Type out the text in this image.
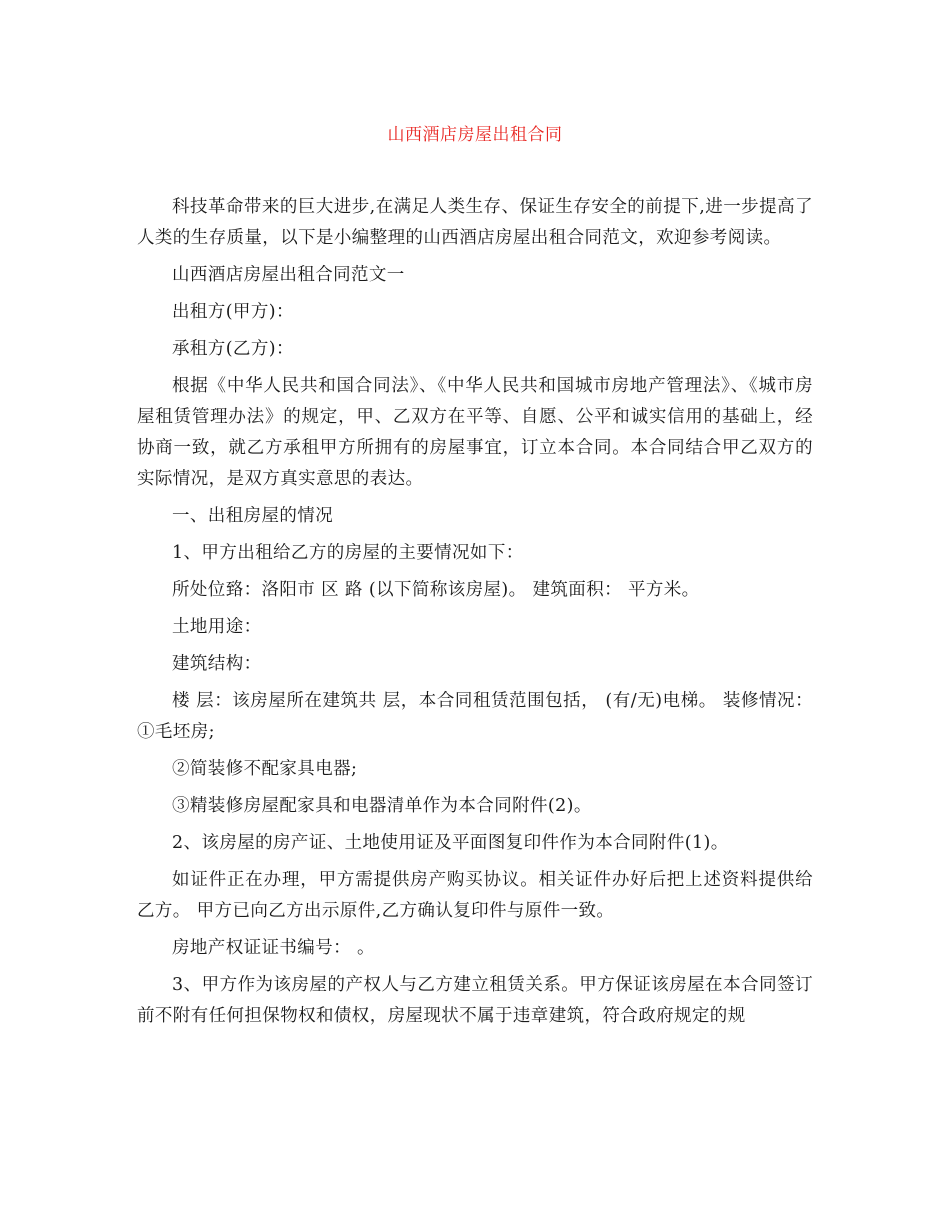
山西酒店房屋出租合同

科技革命带来的巨大进步,在满足人类生存、保证生存安全的前提下,进一步提高了人类的生存质量，以下是小编整理的山西酒店房屋出租合同范文，欢迎参考阅读。

山西酒店房屋出租合同范文一

出租方(甲方)：

承租方(乙方)：

根据《中华人民共和国合同法》、《中华人民共和国城市房地产管理法》、《城市房屋租赁管理办法》的规定，甲、乙双方在平等、自愿、公平和诚实信用的基础上，经协商一致，就乙方承租甲方所拥有的房屋事宜，订立本合同。本合同结合甲乙双方的实际情况，是双方真实意思的表达。

一、出租房屋的情况

1、甲方出租给乙方的房屋的主要情况如下：

所处位臵：洛阳市 区 路 (以下简称该房屋)。 建筑面积： 平方米。

土地用途：

建筑结构：

楼 层：该房屋所在建筑共 层，本合同租赁范围包括， (有/无)电梯。 装修情况： ①毛坯房;

②简装修不配家具电器;

③精装修房屋配家具和电器清单作为本合同附件(2)。

2、该房屋的房产证、土地使用证及平面图复印件作为本合同附件(1)。

如证件正在办理，甲方需提供房产购买协议。相关证件办好后把上述资料提供给乙方。 甲方已向乙方出示原件,乙方确认复印件与原件一致。

房地产权证证书编号： 。

3、甲方作为该房屋的产权人与乙方建立租赁关系。甲方保证该房屋在本合同签订前不附有任何担保物权和债权，房屋现状不属于违章建筑，符合政府规定的规
